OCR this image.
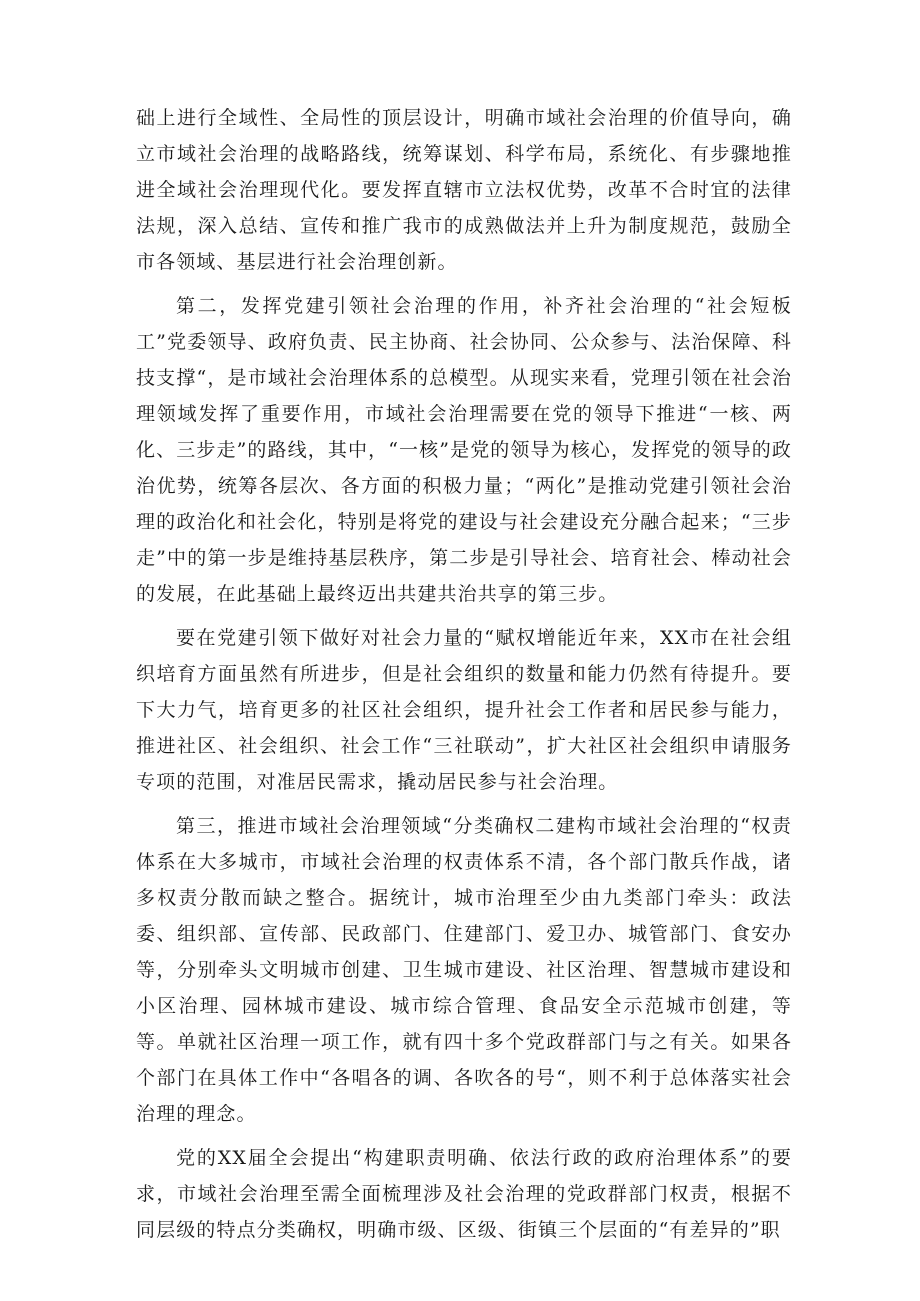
础上进行全域性、全局性的顶层设计，明确市域社会治理的价值导向，确立市域社会治理的战略路线，统筹谋划、科学布局，系统化、有步骤地推进全域社会治理现代化。要发挥直辖市立法权优势，改革不合时宜的法律法规，深入总结、宣传和推广我市的成熟做法并上升为制度规范，鼓励全市各领域、基层进行社会治理创新。

第二，发挥党建引领社会治理的作用，补齐社会治理的“社会短板工”党委领导、政府负责、民主协商、社会协同、公众参与、法治保障、科技支撑“，是市域社会治理体系的总模型。从现实来看，党理引领在社会治理领域发挥了重要作用，市域社会治理需要在党的领导下推进“一核、两化、三步走”的路线，其中，“一核”是党的领导为核心，发挥党的领导的政治优势，统筹各层次、各方面的积极力量；“两化”是推动党建引领社会治理的政治化和社会化，特别是将党的建设与社会建设充分融合起来；“三步走”中的第一步是维持基层秩序，第二步是引导社会、培育社会、棒动社会的发展，在此基础上最终迈出共建共治共享的第三步。

要在党建引领下做好对社会力量的“赋权增能近年来，XX市在社会组织培育方面虽然有所进步，但是社会组织的数量和能力仍然有待提升。要下大力气，培育更多的社区社会组织，提升社会工作者和居民参与能力，推进社区、社会组织、社会工作“三社联动”，扩大社区社会组织申请服务专项的范围，对准居民需求，撬动居民参与社会治理。

第三，推进市域社会治理领域“分类确权二建构市域社会治理的“权责体系在大多城市，市域社会治理的权责体系不清，各个部门散兵作战，诸多权责分散而缺之整合。据统计，城市治理至少由九类部门牵头：政法委、组织部、宣传部、民政部门、住建部门、爱卫办、城管部门、食安办等，分别牵头文明城市创建、卫生城市建设、社区治理、智慧城市建设和小区治理、园林城市建设、城市综合管理、食品安全示范城市创建，等等。单就社区治理一项工作，就有四十多个党政群部门与之有关。如果各个部门在具体工作中“各唱各的调、各吹各的号“，则不利于总体落实社会治理的理念。

党的XX届全会提出“构建职责明确、依法行政的政府治理体系”的要求，市域社会治理至需全面梳理涉及社会治理的党政群部门权责，根据不同层级的特点分类确权，明确市级、区级、街镇三个层面的“有差异的”职
